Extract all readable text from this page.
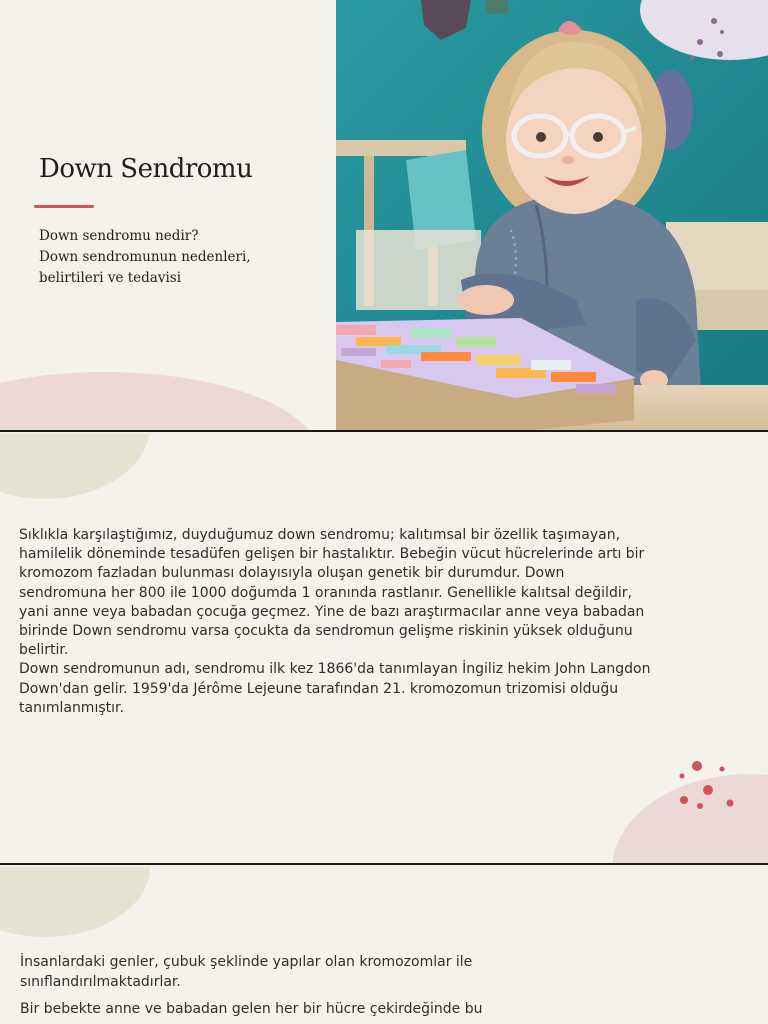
Down Sendromu
Down sendromu nedir?
Down sendromunun nedenleri,
belirtileri ve tedavisi

Sıklıkla karşılaştığımız, duyduğumuz down sendromu; kalıtımsal bir özellik taşımayan, hamilelik döneminde tesadüfen gelişen bir hastalıktır. Bebeğin vücut hücrelerinde artı bir kromozom fazladan bulunması dolayısıyla oluşan genetik bir durumdur. Down sendromuna her 800 ile 1000 doğumda 1 oranında rastlanır. Genellikle kalıtsal değildir, yani anne veya babadan çocuğa geçmez. Yine de bazı araştırmacılar anne veya babadan birinde Down sendromu varsa çocukta da sendromun gelişme riskinin yüksek olduğunu belirtir.

Down sendromunun adı, sendromu ilk kez 1866'da tanımlayan İngiliz hekim John Langdon Down'dan gelir. 1959'da Jérôme Lejeune tarafından 21. kromozomun trizomisi olduğu tanımlanmıştır.

İnsanlardaki genler, çubuk şeklinde yapılar olan kromozomlar ile sınıflandırılmaktadırlar.

Bir bebekte anne ve babadan gelen her bir hücre çekirdeğinde bu
